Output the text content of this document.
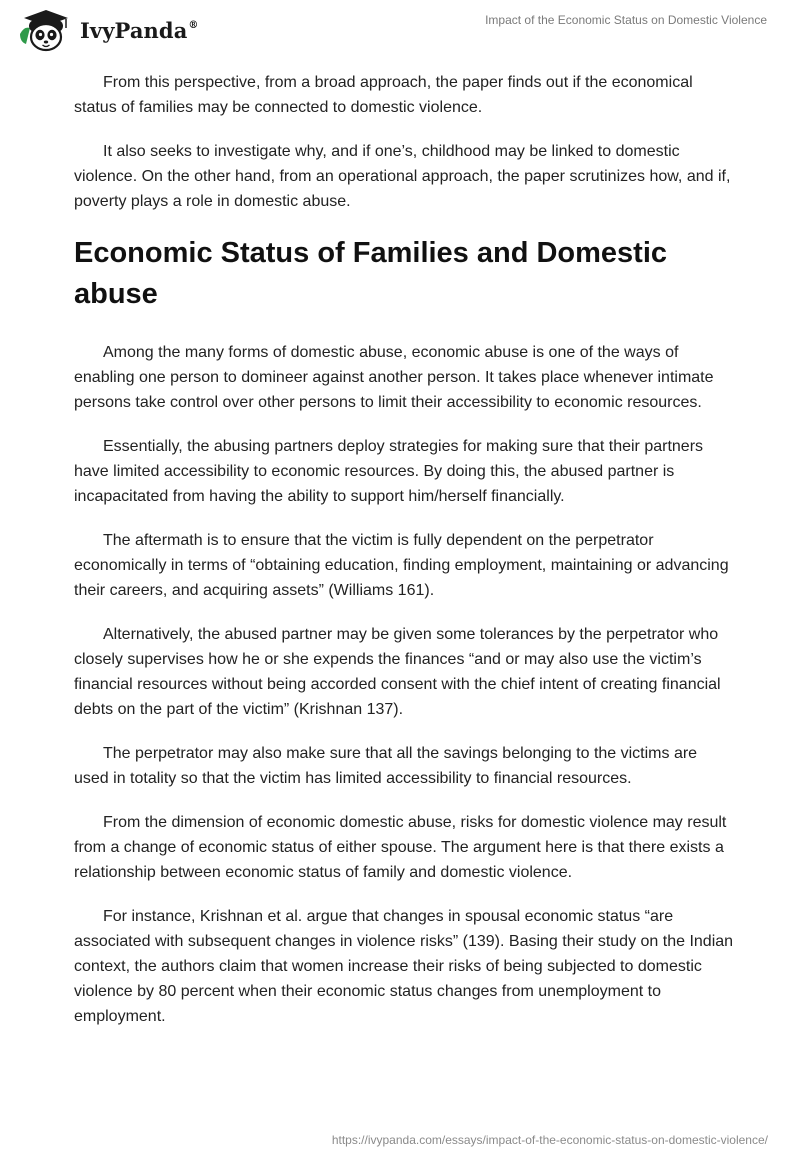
IvyPanda®	Impact of the Economic Status on Domestic Violence

From this perspective, from a broad approach, the paper finds out if the economical status of families may be connected to domestic violence.

It also seeks to investigate why, and if one’s, childhood may be linked to domestic violence. On the other hand, from an operational approach, the paper scrutinizes how, and if, poverty plays a role in domestic abuse.

Economic Status of Families and Domestic abuse

Among the many forms of domestic abuse, economic abuse is one of the ways of enabling one person to domineer against another person. It takes place whenever intimate persons take control over other persons to limit their accessibility to economic resources.

Essentially, the abusing partners deploy strategies for making sure that their partners have limited accessibility to economic resources. By doing this, the abused partner is incapacitated from having the ability to support him/herself financially.

The aftermath is to ensure that the victim is fully dependent on the perpetrator economically in terms of “obtaining education, finding employment, maintaining or advancing their careers, and acquiring assets” (Williams 161).

Alternatively, the abused partner may be given some tolerances by the perpetrator who closely supervises how he or she expends the finances “and or may also use the victim’s financial resources without being accorded consent with the chief intent of creating financial debts on the part of the victim” (Krishnan 137).

The perpetrator may also make sure that all the savings belonging to the victims are used in totality so that the victim has limited accessibility to financial resources.

From the dimension of economic domestic abuse, risks for domestic violence may result from a change of economic status of either spouse. The argument here is that there exists a relationship between economic status of family and domestic violence.

For instance, Krishnan et al. argue that changes in spousal economic status “are associated with subsequent changes in violence risks” (139). Basing their study on the Indian context, the authors claim that women increase their risks of being subjected to domestic violence by 80 percent when their economic status changes from unemployment to employment.

https://ivypanda.com/essays/impact-of-the-economic-status-on-domestic-violence/
